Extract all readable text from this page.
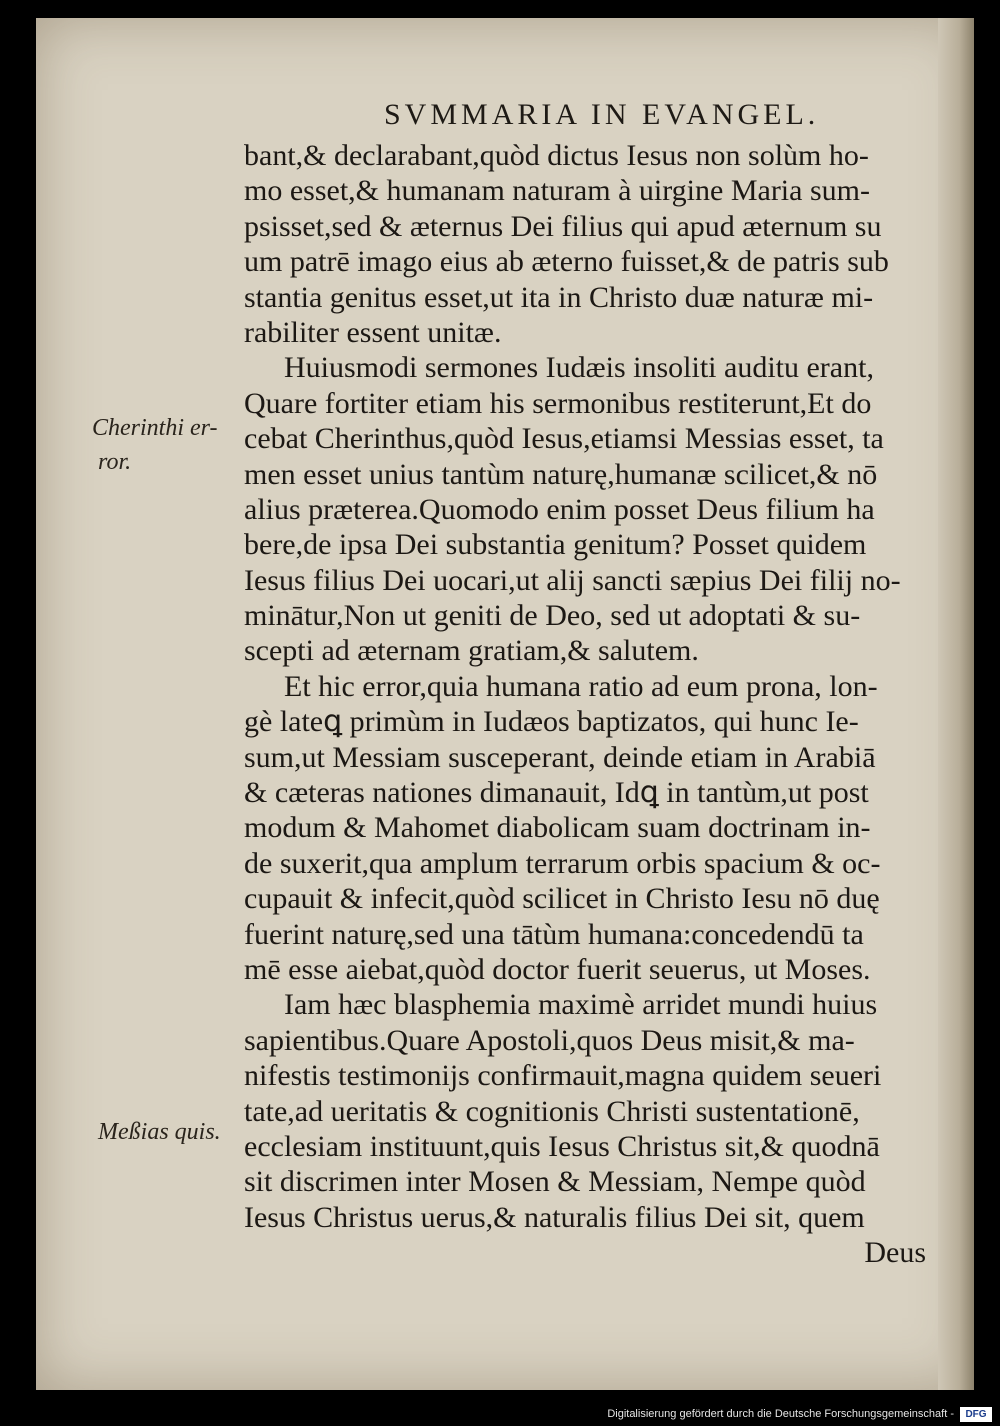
SVMMARIA IN EVANGEL.
Cherinthi er-
ror.
Meßias quis.
bant,& declarabant,quòd dictus Iesus non solùm ho-
mo esset,& humanam naturam à uirgine Maria sum-
psisset,sed & æternus Dei filius qui apud æternum su
um patrē imago eius ab æterno fuisset,& de patris sub
stantia genitus esset,ut ita in Christo duæ naturæ mi-
rabiliter essent unitæ.
Huiusmodi sermones Iudæis insoliti auditu erant,
Quare fortiter etiam his sermonibus restiterunt,Et do
cebat Cherinthus,quòd Iesus,etiamsi Messias esset, ta
men esset unius tantùm naturę,humanæ scilicet,& nō
alius præterea.Quomodo enim posset Deus filium ha
bere,de ipsa Dei substantia genitum? Posset quidem
Iesus filius Dei uocari,ut alij sancti sæpius Dei filij no-
minātur,Non ut geniti de Deo, sed ut adoptati & su-
scepti ad æternam gratiam,& salutem.
Et hic error,quia humana ratio ad eum prona, lon-
gè lateꝗ primùm in Iudæos baptizatos, qui hunc Ie-
sum,ut Messiam susceperant, deinde etiam in Arabiā
& cæteras nationes dimanauit, Idꝗ in tantùm,ut post
modum & Mahomet diabolicam suam doctrinam in-
de suxerit,qua amplum terrarum orbis spacium & oc-
cupauit & infecit,quòd scilicet in Christo Iesu nō duę
fuerint naturę,sed una tātùm humana:concedendū ta
mē esse aiebat,quòd doctor fuerit seuerus, ut Moses.
Iam hæc blasphemia maximè arridet mundi huius
sapientibus.Quare Apostoli,quos Deus misit,& ma-
nifestis testimonijs confirmauit,magna quidem seueri
tate,ad ueritatis & cognitionis Christi sustentationē,
ecclesiam instituunt,quis Iesus Christus sit,& quodnā
sit discrimen inter Mosen & Messiam, Nempe quòd
Iesus Christus uerus,& naturalis filius Dei sit, quem
Deus
Digitalisierung gefördert durch die Deutsche Forschungsgemeinschaft -	DFG
